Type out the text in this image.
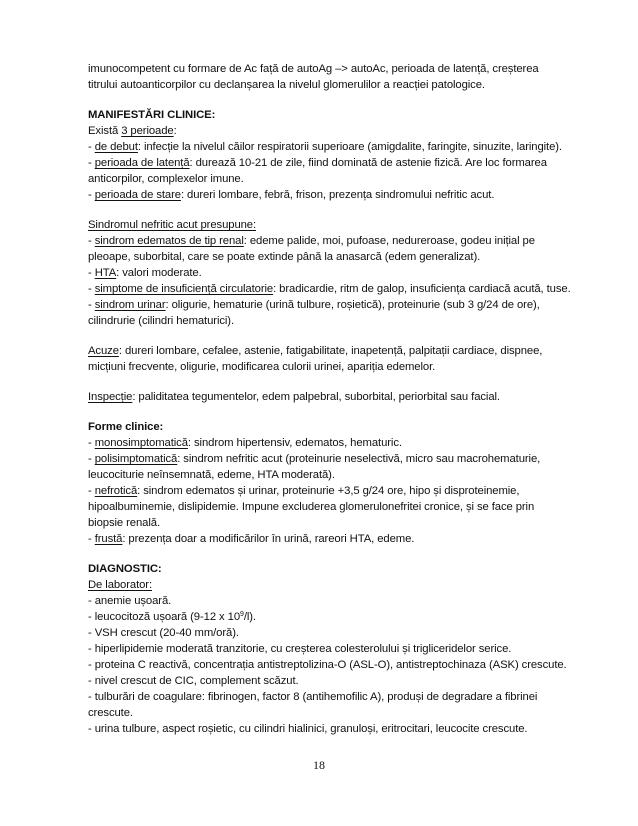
imunocompetent cu formare de Ac față de autoAg –> autoAc, perioada de latență, creșterea
titrului autoanticorpilor cu declanșarea la nivelul glomerulilor a reacției patologice.
MANIFESTĂRI CLINICE:
Există 3 perioade:
- de debut: infecție la nivelul căilor respiratorii superioare (amigdalite, faringite, sinuzite, laringite).
- perioada de latență: durează 10-21 de zile, fiind dominată de astenie fizică. Are loc formarea
anticorpilor, complexelor imune.
- perioada de stare: dureri lombare, febră, frison, prezența sindromului nefritic acut.
Sindromul nefritic acut presupune:
- sindrom edematos de tip renal: edeme palide, moi, pufoase, nedureroase, godeu inițial pe
pleoape, suborbital, care se poate extinde până la anasarcă (edem generalizat).
- HTA: valori moderate.
- simptome de insuficiență circulatorie: bradicardie, ritm de galop, insuficiența cardiacă acută, tuse.
- sindrom urinar: oligurie, hematurie (urină tulbure, roșietică), proteinurie (sub 3 g/24 de ore),
cilindrurie (cilindri hematurici).
Acuze: dureri lombare, cefalee, astenie, fatigabilitate, inapetență, palpitații cardiace, dispnee,
micțiuni frecvente, oligurie, modificarea culorii urinei, apariția edemelor.
Inspecție: paliditatea tegumentelor, edem palpebral, suborbital, periorbital sau facial.
Forme clinice:
- monosimptomatică: sindrom hipertensiv, edematos, hematuric.
- polisimptomatică: sindrom nefritic acut (proteinurie neselectivă, micro sau macrohematurie,
leucociturie neînsemnată, edeme, HTA moderată).
- nefrotică: sindrom edematos și urinar, proteinurie +3,5 g/24 ore, hipo și disproteinemie,
hipoalbuminemie, dislipidemie. Impune excluderea glomerulonefritei cronice, și se face prin
biopsie renală.
- frustă: prezența doar a modificărilor în urină, rareori HTA, edeme.
DIAGNOSTIC:
De laborator:
- anemie ușoară.
- leucocitoză ușoară (9-12 x $10^9/l$).
- VSH crescut (20-40 mm/oră).
- hiperlipidemie moderată tranzitorie, cu creșterea colesterolului și trigliceridelor serice.
- proteina C reactivă, concentrația antistreptolizina-O (ASL-O), antistreptochinaza (ASK) crescute.
- nivel crescut de CIC, complement scăzut.
- tulburări de coagulare: fibrinogen, factor 8 (antihemofilic A), produși de degradare a fibrinei
crescute.
- urina tulbure, aspect roșietic, cu cilindri hialinici, granuloși, eritrocitari, leucocite crescute.
18
